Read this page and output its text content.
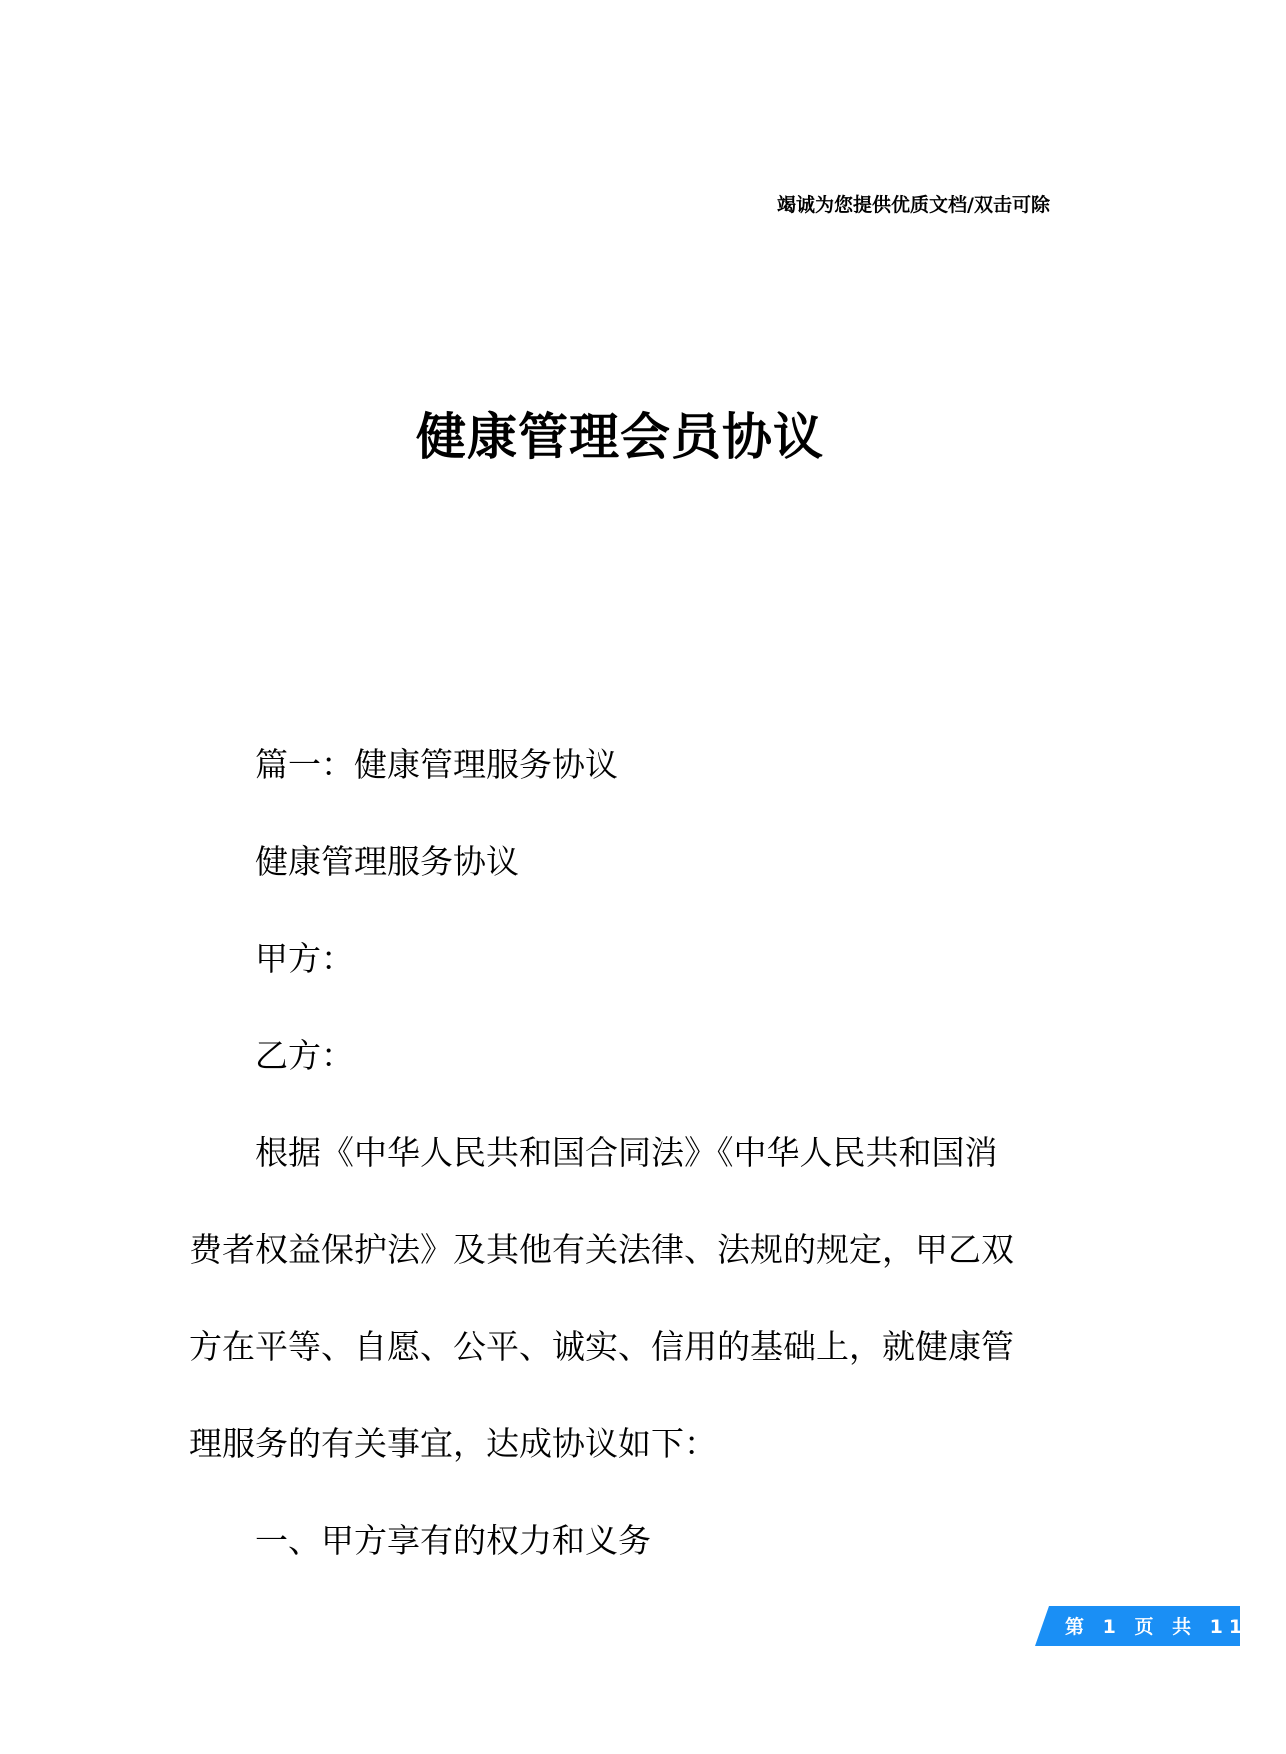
竭诚为您提供优质文档/双击可除
健康管理会员协议
篇一：健康管理服务协议
健康管理服务协议
甲方：
乙方：
根据《中华人民共和国合同法》《中华人民共和国消
费者权益保护法》及其他有关法律、法规的规定，甲乙双
方在平等、自愿、公平、诚实、信用的基础上，就健康管
理服务的有关事宜，达成协议如下：
一、甲方享有的权力和义务
第 1 页 共 11 页
